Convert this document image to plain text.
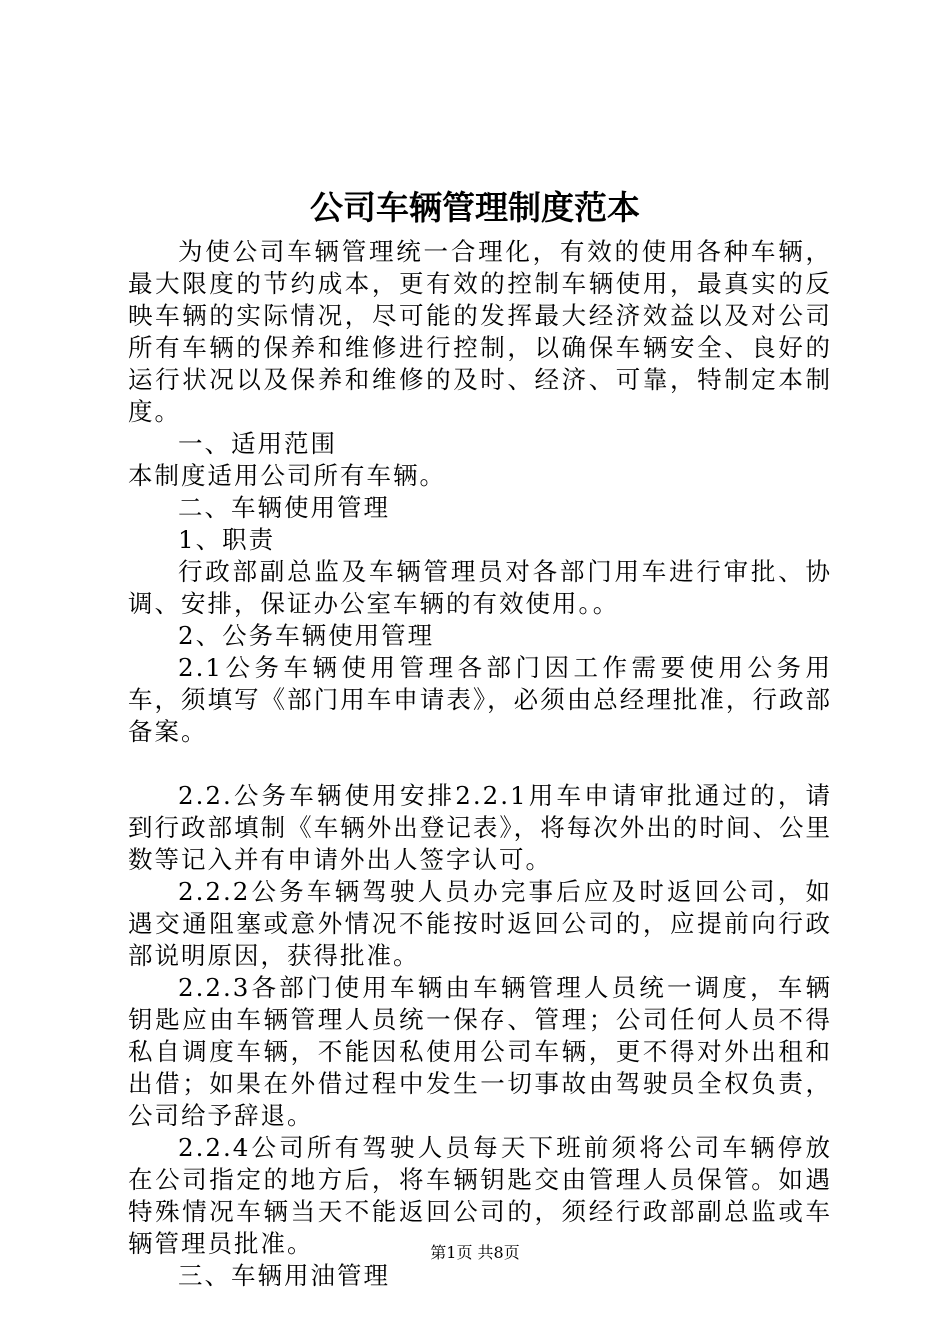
公司车辆管理制度范本

为使公司车辆管理统一合理化，有效的使用各种车辆，最大限度的节约成本，更有效的控制车辆使用，最真实的反映车辆的实际情况，尽可能的发挥最大经济效益以及对公司所有车辆的保养和维修进行控制，以确保车辆安全、良好的运行状况以及保养和维修的及时、经济、可靠，特制定本制度。

一、适用范围

本制度适用公司所有车辆。

二、车辆使用管理

1、职责

行政部副总监及车辆管理员对各部门用车进行审批、协调、安排，保证办公室车辆的有效使用。。

2、公务车辆使用管理

2.1公务车辆使用管理各部门因工作需要使用公务用车，须填写《部门用车申请表》，必须由总经理批准，行政部备案。

2.2.公务车辆使用安排2.2.1用车申请审批通过的，请到行政部填制《车辆外出登记表》，将每次外出的时间、公里数等记入并有申请外出人签字认可。

2.2.2公务车辆驾驶人员办完事后应及时返回公司，如遇交通阻塞或意外情况不能按时返回公司的，应提前向行政部说明原因，获得批准。

2.2.3各部门使用车辆由车辆管理人员统一调度，车辆钥匙应由车辆管理人员统一保存、管理；公司任何人员不得私自调度车辆，不能因私使用公司车辆，更不得对外出租和出借；如果在外借过程中发生一切事故由驾驶员全权负责，公司给予辞退。

2.2.4公司所有驾驶人员每天下班前须将公司车辆停放在公司指定的地方后，将车辆钥匙交由管理人员保管。如遇特殊情况车辆当天不能返回公司的，须经行政部副总监或车辆管理员批准。

三、车辆用油管理

第1页 共8页
